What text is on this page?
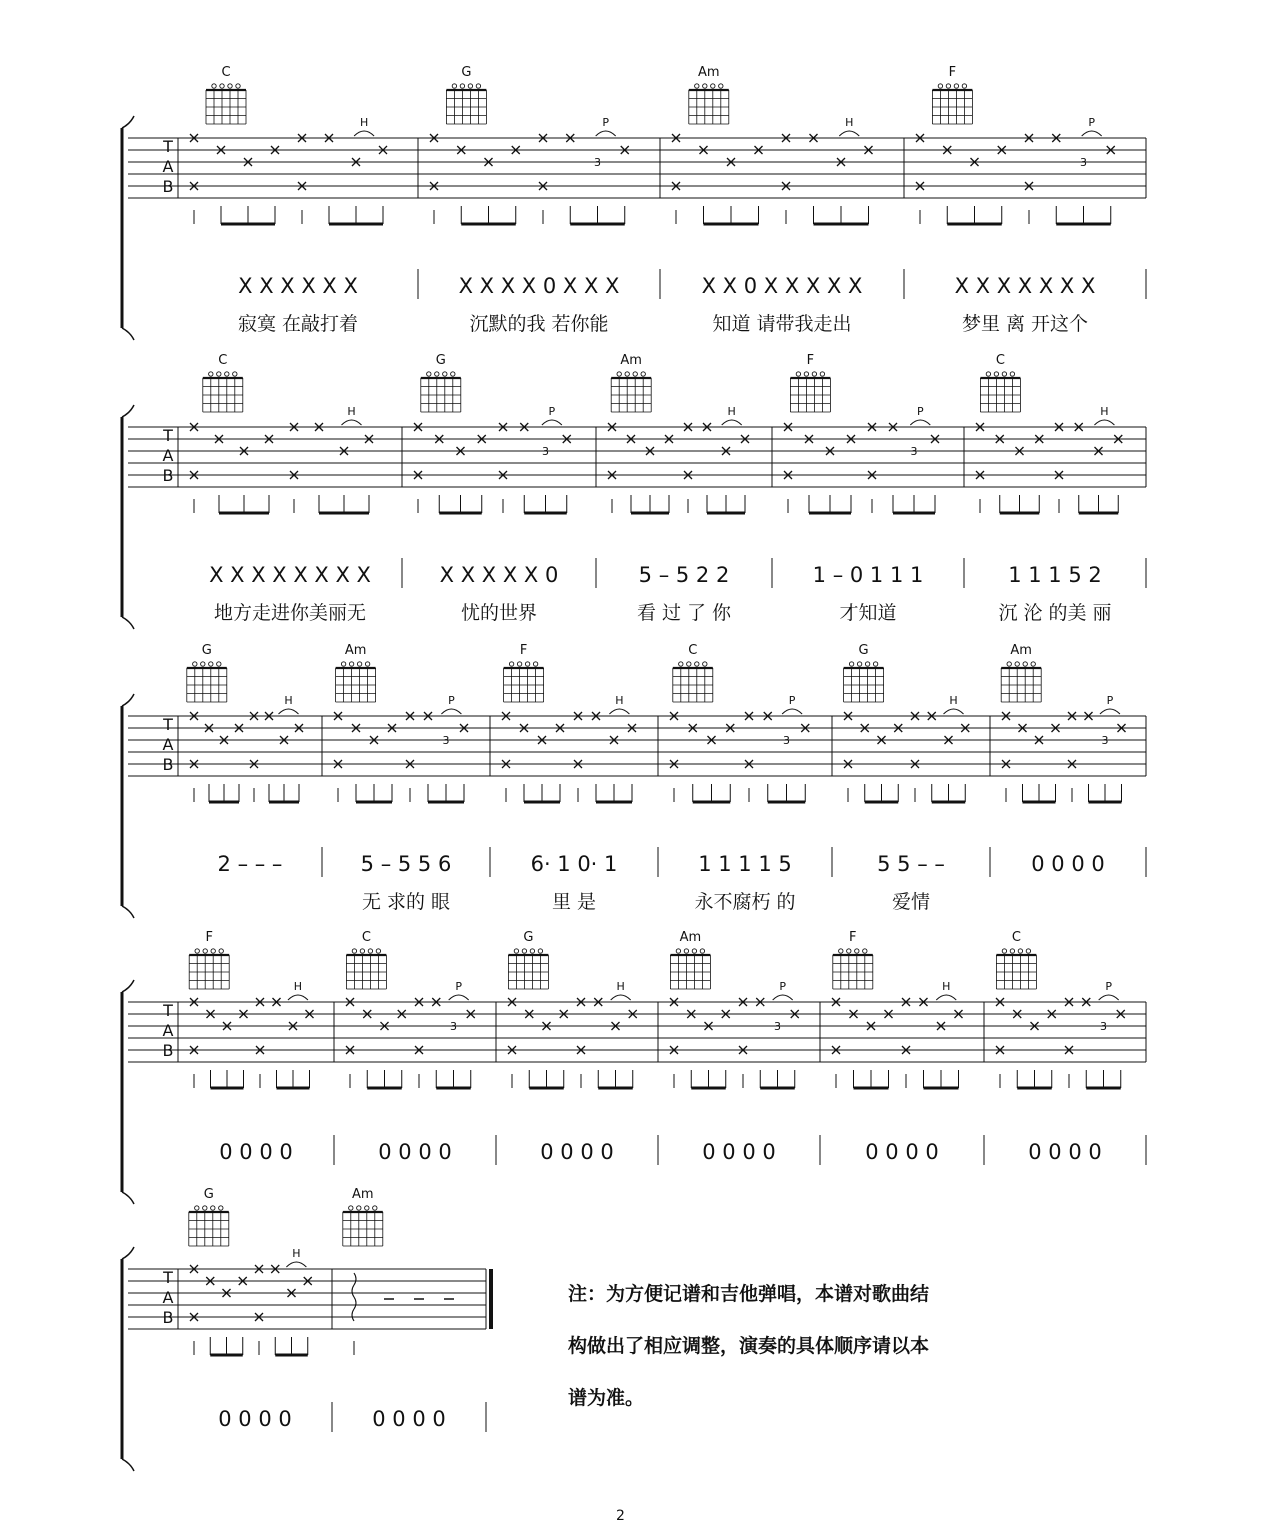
T
A
B
C
H
X X X X X X
寂寞 在敲打着
G
3
P
X X X X 0 X X X
沉默的我 若你能
Am
H
X X 0 X X X X X
知道 请带我走出
F
3
P
X X X X X X X
梦里 离 开这个
T
A
B
C
H
X X X X X X X X
地方走进你美丽无
G
3
P
X X X X X 0
忧的世界
Am
H
5 – 5 2 2
看 过 了 你
F
3
P
1 – 0 1 1 1
才知道
C
H
1 1 1 5 2
沉 沦 的美 丽
T
A
B
G
H
2 – – –
Am
3
P
5 – 5 5 6
无 求的 眼
F
H
6· 1 0· 1
里 是
C
3
P
1 1 1 1 5
永不腐朽 的
G
H
5 5 – –
爱情
Am
3
P
0 0 0 0
T
A
B
F
H
0 0 0 0
C
3
P
0 0 0 0
G
H
0 0 0 0
Am
3
P
0 0 0 0
F
H
0 0 0 0
C
3
P
0 0 0 0
T
A
B
G
H
0 0 0 0
Am
0 0 0 0
注：为方便记谱和吉他弹唱，本谱对歌曲结
构做出了相应调整，演奏的具体顺序请以本
谱为准。
2
